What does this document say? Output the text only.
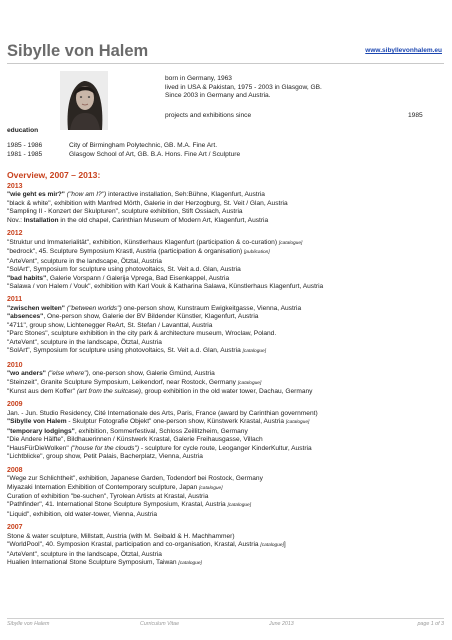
Sibylle von Halem	www.sibyllevonhalem.eu
born in Germany, 1963
lived in USA & Pakistan, 1975 - 2003 in Glasgow, GB.
Since 2003 in Germany and Austria.
projects and exhibitions since	1985
education
1985 - 1986	City of Birmingham Polytechnic, GB. M.A. Fine Art.
1981 - 1985	Glasgow School of Art, GB. B.A. Hons. Fine Art / Sculpture
Overview, 2007 – 2013:
2013
"wie geht es mir?" ("how am I?") interactive installation, Seh:Bühne, Klagenfurt, Austria
"black & white", exhibition with Manfred Mörth, Galerie in der Herzogburg, St. Veit / Glan, Austria
"Sampling II - Konzert der Skulpturen", sculpture exhibition, Stift Ossiach, Austria
Nov.: Installation in the old chapel, Carinthian Museum of Modern Art, Klagenfurt, Austria
2012
"Struktur und Immaterialität", exhibition, Künstlerhaus Klagenfurt (participation & co-curation) [catalogue]
"bedrock", 45. Sculpture Symposium Krastl, Austria (participation & organisation) [publication]
"ArteVent", sculpture in the landscape, Ötztal, Austria
"SolArt", Symposium for sculpture using photovoltaics, St. Veit a.d. Glan, Austria
"bad habits", Galerie Vorspann / Galerija Vprega, Bad Eisenkappel, Austria
"Salawa / von Halem / Vouk", exhibition with Karl Vouk & Katharina Salawa, Künstlerhaus Klagenfurt, Austria
2011
"zwischen welten" ("between worlds") one-person show, Kunstraum Ewigkeitgasse, Vienna, Austria
"absences", One-person show, Galerie der BV Bildender Künstler, Klagenfurt, Austria
"4711", group show, Lichtenegger ReArt, St. Stefan / Lavanttal, Austria
"Parc Stones", sculpture exhibition in the city park & architecture museum, Wroclaw, Poland.
"ArteVent", sculpture in the landscape, Ötztal, Austria
"SolArt", Symposium for sculpture using photovoltaics, St. Veit a.d. Glan, Austria [catalogue]
2010
"wo anders" ("else where"), one-person show, Galerie Gmünd, Austria
"Steinzeit", Granite Sculpture Symposium, Leikendorf, near Rostock, Germany [catalogue]
"Kunst aus dem Koffer" (art from the suitcase), group exhibition in the old water tower, Dachau, Germany
2009
Jan. - Jun. Studio Residency, Cité Internationale des Arts, Paris, France (award by Carinthian government)
"Sibylle von Halem - Skulptur Fotografie Objekt" one-person show, Künstwerk Krastal, Austria [catalogue]
"temporary lodgings", exhibition, Sommerfestival, Schloss Zeillitzheim, Germany
"Die Andere Hälfte", Bildhauerinnen / Künstwerk Krastal, Galerie Freihausgasse, Villach
"HausFürDieWolken" ("house for the clouds") - sculpture for cycle route, Leoganger KinderKultur, Austria
"Lichtblicke", group show, Petit Palais, Bacherplatz, Vienna, Austria
2008
"Wege zur Schlichtheit", exhibition, Japanese Garden, Todendorf bei Rostock, Germany
Miyazaki Internation Exhibition of Contemporary sculpture, Japan [catalogue]
Curation of exhibition "be-suchen", Tyrolean Artists at Krastal, Austria
"Pathfinder", 41. International Stone Sculpture Symposium, Krastal, Austria [catalogue]
"Liquid", exhibition, old water-tower, Vienna, Austria
2007
Stone & water sculpture, Millstatt, Austria (with M. Seibald & H. Machhammer)
"WorldPool", 40. Symposion Krastal, participation and co-organisation, Krastal, Austria [catalogue]]
"ArteVent", sculpture in the landscape, Ötztal, Austria
Hualien International Stone Sculpture Symposium, Taiwan [catalogue]
Sibylle von Halem	Curriculum Vitae	June 2013	page 1 of 3
